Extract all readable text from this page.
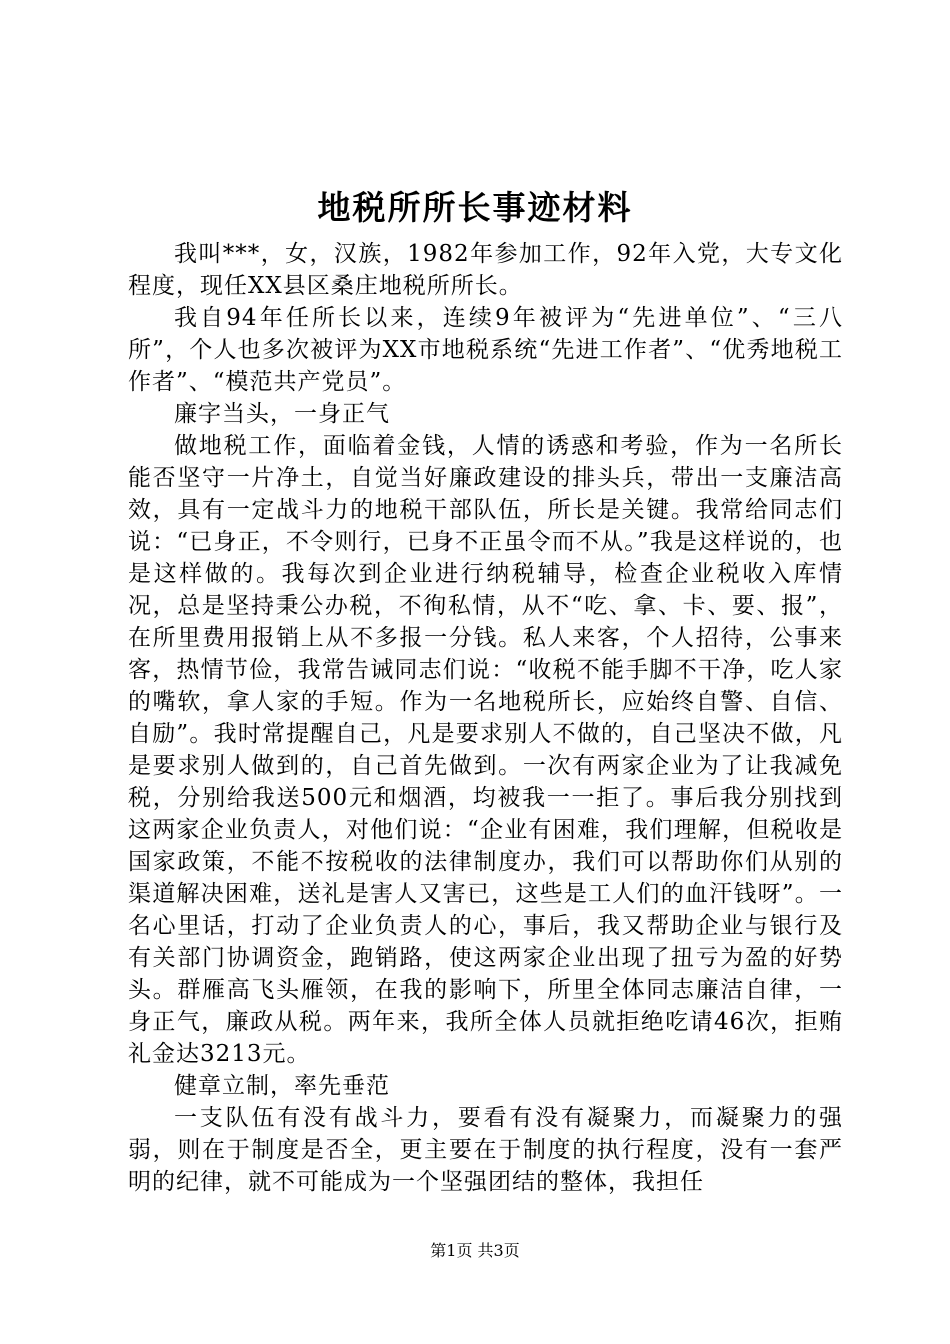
地税所所长事迹材料

我叫***，女，汉族，1982年参加工作，92年入党，大专文化程度，现任XX县区桑庄地税所所长。

我自94年任所长以来，连续9年被评为“先进单位”、“三八所”，个人也多次被评为XX市地税系统“先进工作者”、“优秀地税工作者”、“模范共产党员”。

廉字当头，一身正气

做地税工作，面临着金钱，人情的诱惑和考验，作为一名所长能否坚守一片净土，自觉当好廉政建设的排头兵，带出一支廉洁高效，具有一定战斗力的地税干部队伍，所长是关键。我常给同志们说：“已身正，不令则行，已身不正虽令而不从。”我是这样说的，也是这样做的。我每次到企业进行纳税辅导，检查企业税收入库情况，总是坚持秉公办税，不徇私情，从不“吃、拿、卡、要、报”，在所里费用报销上从不多报一分钱。私人来客，个人招待，公事来客，热情节俭，我常告诫同志们说：“收税不能手脚不干净，吃人家的嘴软，拿人家的手短。作为一名地税所长，应始终自警、自信、自励”。我时常提醒自己，凡是要求别人不做的，自己坚决不做，凡是要求别人做到的，自己首先做到。一次有两家企业为了让我减免税，分别给我送500元和烟酒，均被我一一拒了。事后我分别找到这两家企业负责人，对他们说：“企业有困难，我们理解，但税收是国家政策，不能不按税收的法律制度办，我们可以帮助你们从别的渠道解决困难，送礼是害人又害已，这些是工人们的血汗钱呀”。一名心里话，打动了企业负责人的心，事后，我又帮助企业与银行及有关部门协调资金，跑销路，使这两家企业出现了扭亏为盈的好势头。群雁高飞头雁领，在我的影响下，所里全体同志廉洁自律，一身正气，廉政从税。两年来，我所全体人员就拒绝吃请46次，拒贿礼金达3213元。

健章立制，率先垂范

一支队伍有没有战斗力，要看有没有凝聚力，而凝聚力的强弱，则在于制度是否全，更主要在于制度的执行程度，没有一套严明的纪律，就不可能成为一个坚强团结的整体，我担任

第1页 共3页
